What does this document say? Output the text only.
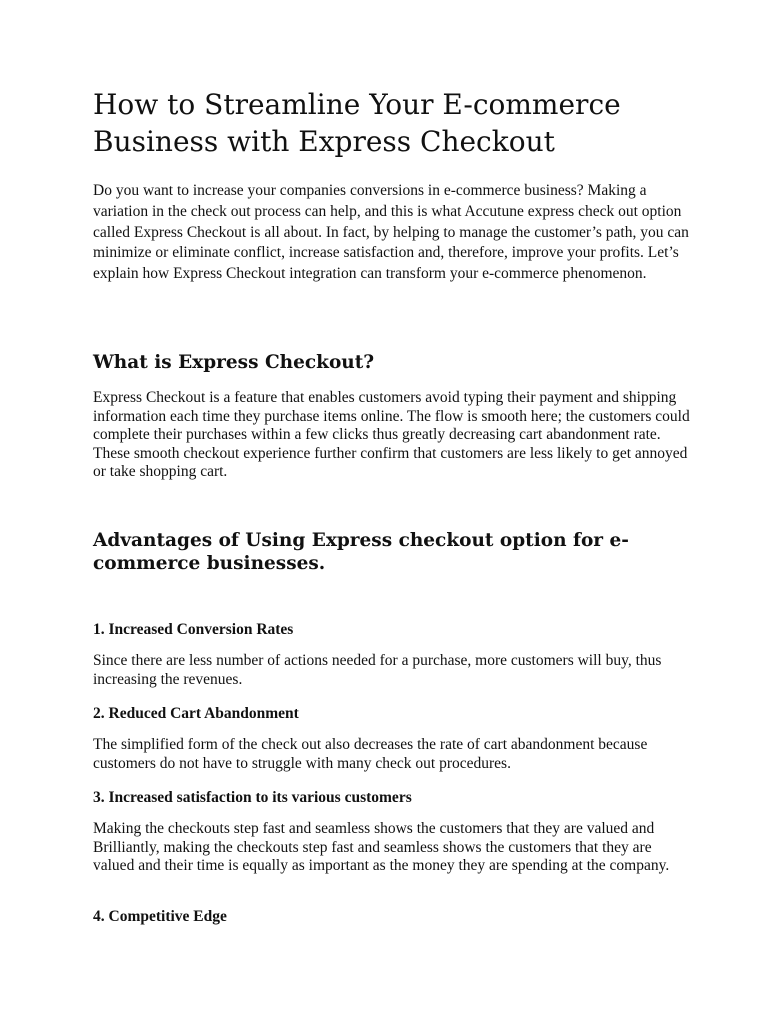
How to Streamline Your E-commerce Business with Express Checkout

Do you want to increase your companies conversions in e-commerce business? Making a variation in the check out process can help, and this is what Accutune express check out option called Express Checkout is all about. In fact, by helping to manage the customer’s path, you can minimize or eliminate conflict, increase satisfaction and, therefore, improve your profits. Let’s explain how Express Checkout integration can transform your e-commerce phenomenon.

What is Express Checkout?

Express Checkout is a feature that enables customers avoid typing their payment and shipping information each time they purchase items online. The flow is smooth here; the customers could complete their purchases within a few clicks thus greatly decreasing cart abandonment rate. These smooth checkout experience further confirm that customers are less likely to get annoyed or take shopping cart.

Advantages of Using Express checkout option for e-commerce businesses.
1. Increased Conversion Rates

Since there are less number of actions needed for a purchase, more customers will buy, thus increasing the revenues.

2. Reduced Cart Abandonment

The simplified form of the check out also decreases the rate of cart abandonment because customers do not have to struggle with many check out procedures.

3. Increased satisfaction to its various customers

Making the checkouts step fast and seamless shows the customers that they are valued and Brilliantly, making the checkouts step fast and seamless shows the customers that they are valued and their time is equally as important as the money they are spending at the company.

4. Competitive Edge
